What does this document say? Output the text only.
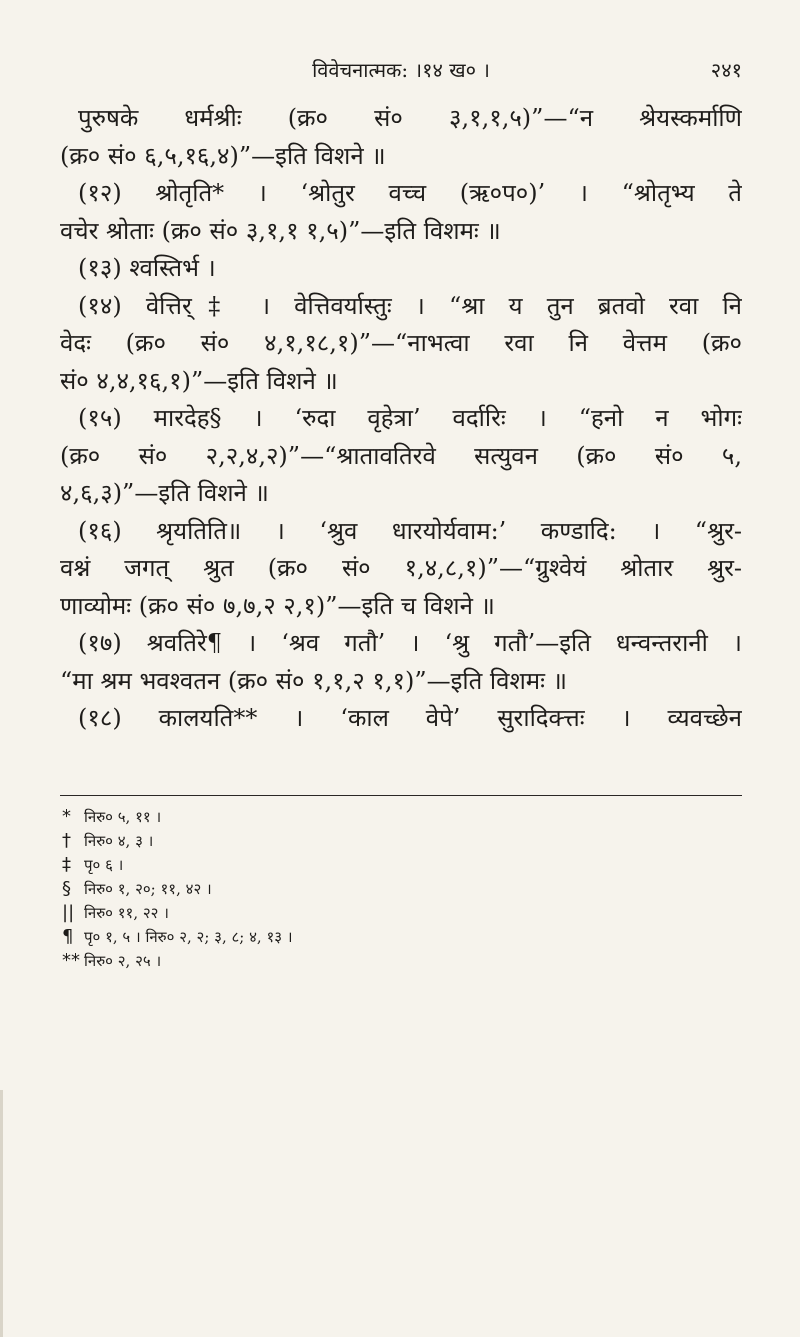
विवेचनात्मक: ।१४ ख० ।	२४१
पुरुषके धर्मश्रीः (क्र० सं० ३,१,१,५)”—“न श्रेयस्कर्माणि
(क्र० सं० ६,५,१६,४)”—इति विशने ॥
(१२) श्रोतृति* । ‘श्रोतुर वच्च (ऋ०प०)’ । “श्रोतृभ्य ते
वचेर श्रोताः (क्र० सं० ३,१,१ १,५)”—इति विशमः ॥
(१३) श्वस्तिर्भ ।
(१४) वेत्तिर्‡ । वेत्तिवर्यास्तुः । “श्रा य तुन ब्रतवो रवा नि
वेदः (क्र० सं० ४,१,१८,१)”—“नाभत्वा रवा नि वेत्तम (क्र०
सं० ४,४,१६,१)”—इति विशने ॥
(१५) मारदेह§ । ‘रुदा वृहेत्रा’ वर्दारिः । “हनो न भोगः
(क्र० सं० २,२,४,२)”—“श्रातावतिरवे सत्युवन (क्र० सं० ५,
४,६,३)”—इति विशने ॥
(१६) श्रृयतिति॥ । ‘श्रुव धारयोर्यवाम:’ कण्डादि: । “श्रुर-
वश्नं जगत् श्रुत (क्र० सं० १,४,८,१)”—“ग्रुश्वेयं श्रोतार श्रुर-
णाव्योमः (क्र० सं० ७,७,२ २,१)”—इति च विशने ॥
(१७) श्रवतिरे¶ । ‘श्रव गतौ’ । ‘श्रु गतौ’—इति धन्वन्तरानी ।
“मा श्रम भवश्वतन (क्र० सं० १,१,२ १,१)”—इति विशमः ॥
(१८) कालयति** । ‘काल वेपे’ सुरादिक्त्तः । व्यवच्छेन
* निरु० ५, ११ ।
† निरु० ४, ३ ।
‡ पृ० ६ ।
§ निरु० १, २०; ११, ४२ ।
|| निरु० ११, २२ ।
¶ पृ० १, ५ । निरु० २, २; ३, ८; ४, १३ ।
** निरु० २, २५ ।
